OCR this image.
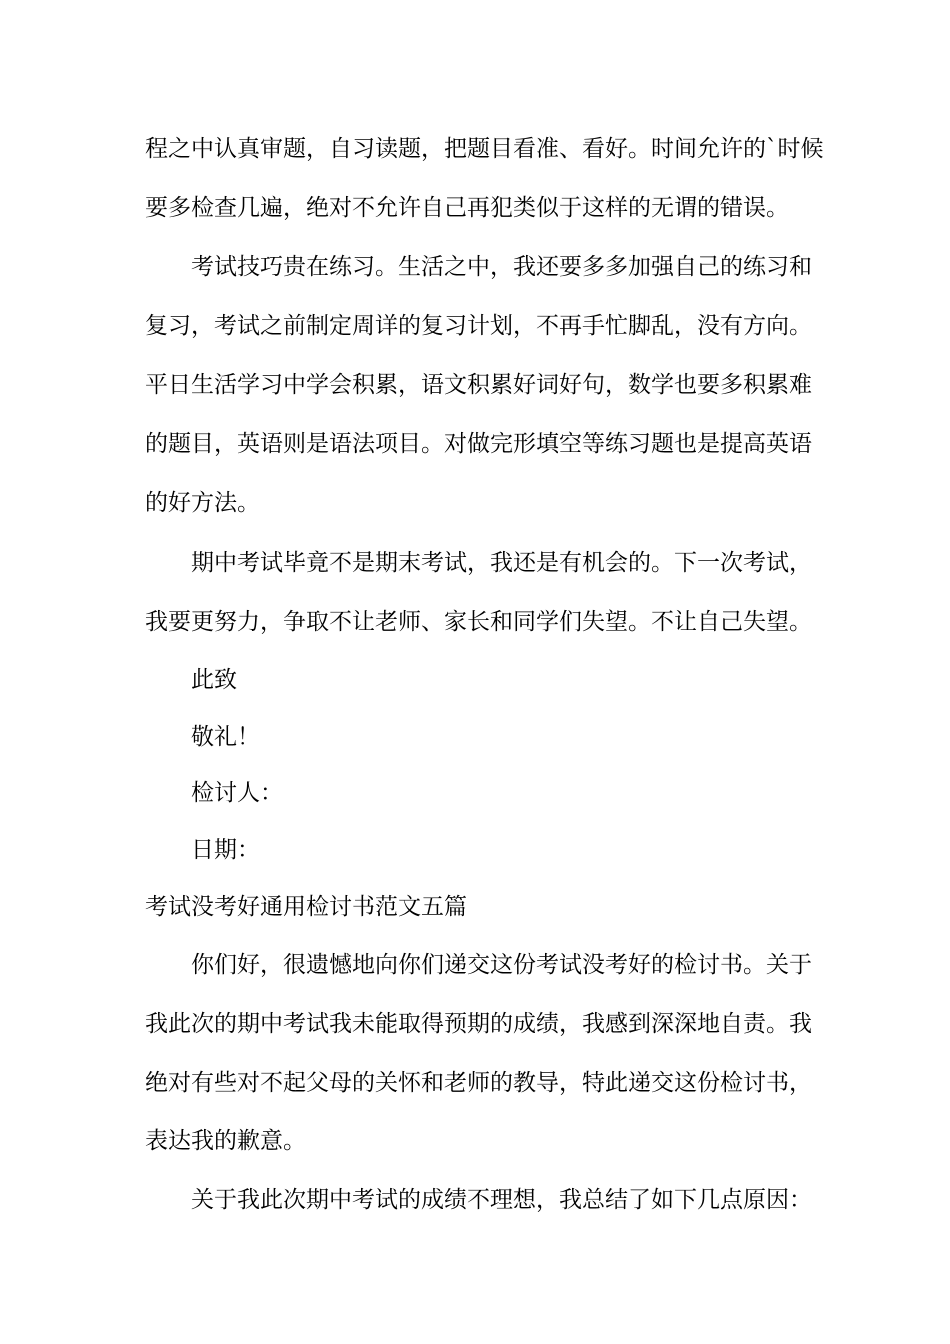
程之中认真审题，自习读题，把题目看准、看好。时间允许的`时候
要多检查几遍，绝对不允许自己再犯类似于这样的无谓的错误。
考试技巧贵在练习。生活之中，我还要多多加强自己的练习和
复习，考试之前制定周详的复习计划，不再手忙脚乱，没有方向。
平日生活学习中学会积累，语文积累好词好句，数学也要多积累难
的题目，英语则是语法项目。对做完形填空等练习题也是提高英语
的好方法。
期中考试毕竟不是期末考试，我还是有机会的。下一次考试，
我要更努力，争取不让老师、家长和同学们失望。不让自己失望。
此致
敬礼！
检讨人：
日期：
考试没考好通用检讨书范文五篇
你们好，很遗憾地向你们递交这份考试没考好的检讨书。关于
我此次的期中考试我未能取得预期的成绩，我感到深深地自责。我
绝对有些对不起父母的关怀和老师的教导，特此递交这份检讨书，
表达我的歉意。
关于我此次期中考试的成绩不理想，我总结了如下几点原因：
